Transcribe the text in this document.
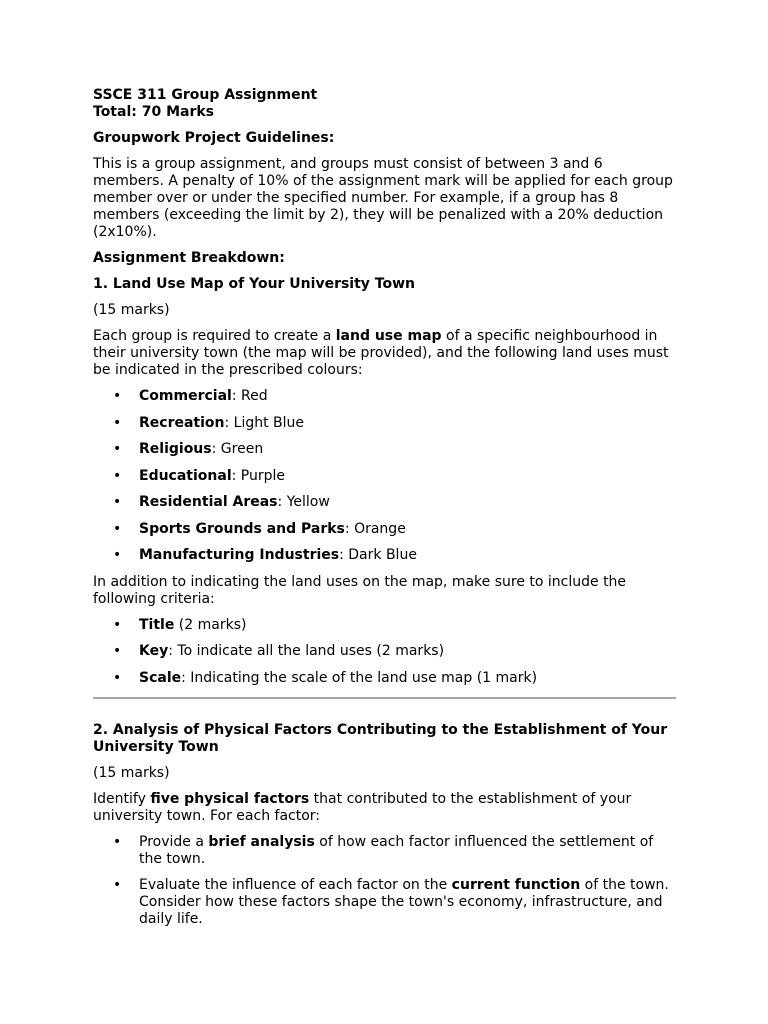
SSCE 311 Group Assignment

Total: 70 Marks

Groupwork Project Guidelines:

This is a group assignment, and groups must consist of between 3 and 6 members. A penalty of 10% of the assignment mark will be applied for each group member over or under the specified number. For example, if a group has 8 members (exceeding the limit by 2), they will be penalized with a 20% deduction (2x10%).

Assignment Breakdown:

1. Land Use Map of Your University Town

(15 marks)

Each group is required to create a land use map of a specific neighbourhood in their university town (the map will be provided), and the following land uses must be indicated in the prescribed colours:

• Commercial: Red
• Recreation: Light Blue
• Religious: Green
• Educational: Purple
• Residential Areas: Yellow
• Sports Grounds and Parks: Orange
• Manufacturing Industries: Dark Blue

In addition to indicating the land uses on the map, make sure to include the following criteria:

• Title (2 marks)
• Key: To indicate all the land uses (2 marks)
• Scale: Indicating the scale of the land use map (1 mark)

2. Analysis of Physical Factors Contributing to the Establishment of Your University Town

(15 marks)

Identify five physical factors that contributed to the establishment of your university town. For each factor:

• Provide a brief analysis of how each factor influenced the settlement of the town.
• Evaluate the influence of each factor on the current function of the town. Consider how these factors shape the town's economy, infrastructure, and daily life.
